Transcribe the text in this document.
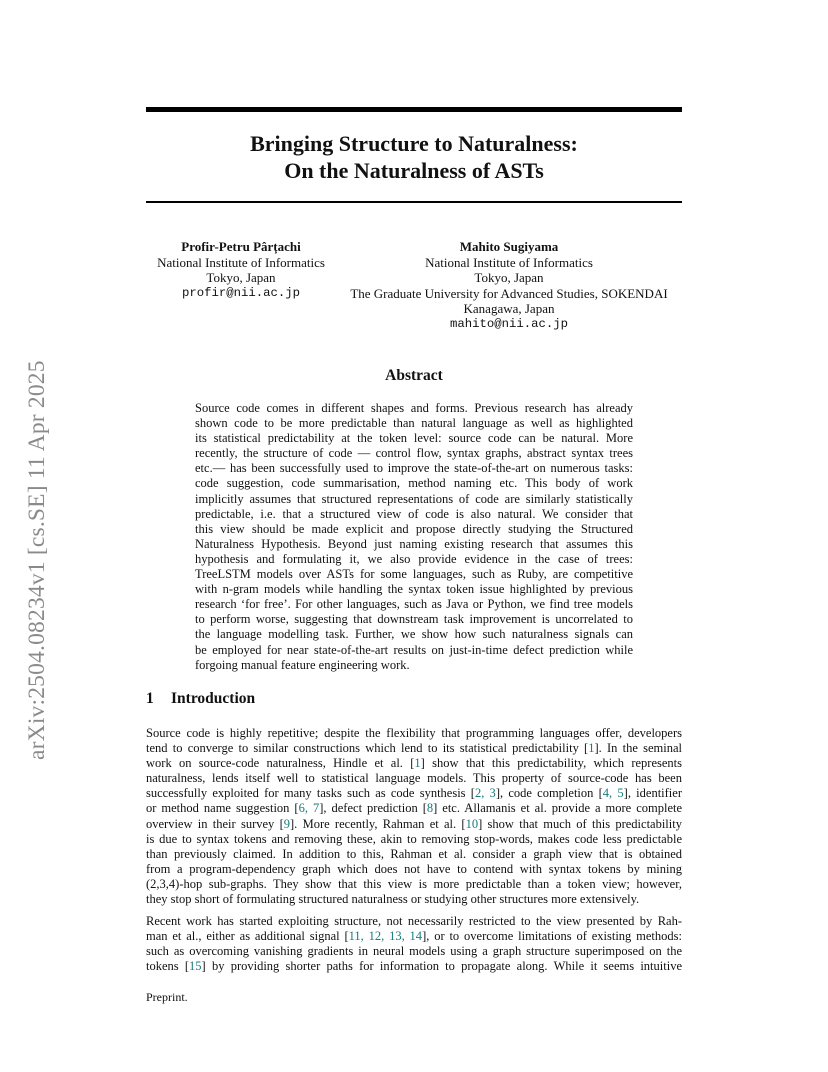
arXiv:2504.08234v1 [cs.SE] 11 Apr 2025
Bringing Structure to Naturalness:
On the Naturalness of ASTs
Profir-Petru Pârțachi
National Institute of Informatics
Tokyo, Japan
profir@nii.ac.jp
Mahito Sugiyama
National Institute of Informatics
Tokyo, Japan
The Graduate University for Advanced Studies, SOKENDAI
Kanagawa, Japan
mahito@nii.ac.jp
Abstract
Source code comes in different shapes and forms. Previous research has already
shown code to be more predictable than natural language as well as highlighted
its statistical predictability at the token level: source code can be natural. More
recently, the structure of code — control flow, syntax graphs, abstract syntax trees
etc.— has been successfully used to improve the state-of-the-art on numerous tasks:
code suggestion, code summarisation, method naming etc. This body of work
implicitly assumes that structured representations of code are similarly statistically
predictable, i.e. that a structured view of code is also natural. We consider that
this view should be made explicit and propose directly studying the Structured
Naturalness Hypothesis. Beyond just naming existing research that assumes this
hypothesis and formulating it, we also provide evidence in the case of trees:
TreeLSTM models over ASTs for some languages, such as Ruby, are competitive
with n-gram models while handling the syntax token issue highlighted by previous
research ‘for free’. For other languages, such as Java or Python, we find tree models
to perform worse, suggesting that downstream task improvement is uncorrelated to
the language modelling task. Further, we show how such naturalness signals can
be employed for near state-of-the-art results on just-in-time defect prediction while
forgoing manual feature engineering work.
1 Introduction

Source code is highly repetitive; despite the flexibility that programming languages offer, developers
tend to converge to similar constructions which lend to its statistical predictability [1]. In the seminal
work on source-code naturalness, Hindle et al. [1] show that this predictability, which represents
naturalness, lends itself well to statistical language models. This property of source-code has been
successfully exploited for many tasks such as code synthesis [2, 3], code completion [4, 5], identifier
or method name suggestion [6, 7], defect prediction [8] etc. Allamanis et al. provide a more complete
overview in their survey [9]. More recently, Rahman et al. [10] show that much of this predictability
is due to syntax tokens and removing these, akin to removing stop-words, makes code less predictable
than previously claimed. In addition to this, Rahman et al. consider a graph view that is obtained
from a program-dependency graph which does not have to contend with syntax tokens by mining
(2,3,4)-hop sub-graphs. They show that this view is more predictable than a token view; however,
they stop short of formulating structured naturalness or studying other structures more extensively.

Recent work has started exploiting structure, not necessarily restricted to the view presented by Rah-
man et al., either as additional signal [11, 12, 13, 14], or to overcome limitations of existing methods:
such as overcoming vanishing gradients in neural models using a graph structure superimposed on the
tokens [15] by providing shorter paths for information to propagate along. While it seems intuitive

Preprint.
